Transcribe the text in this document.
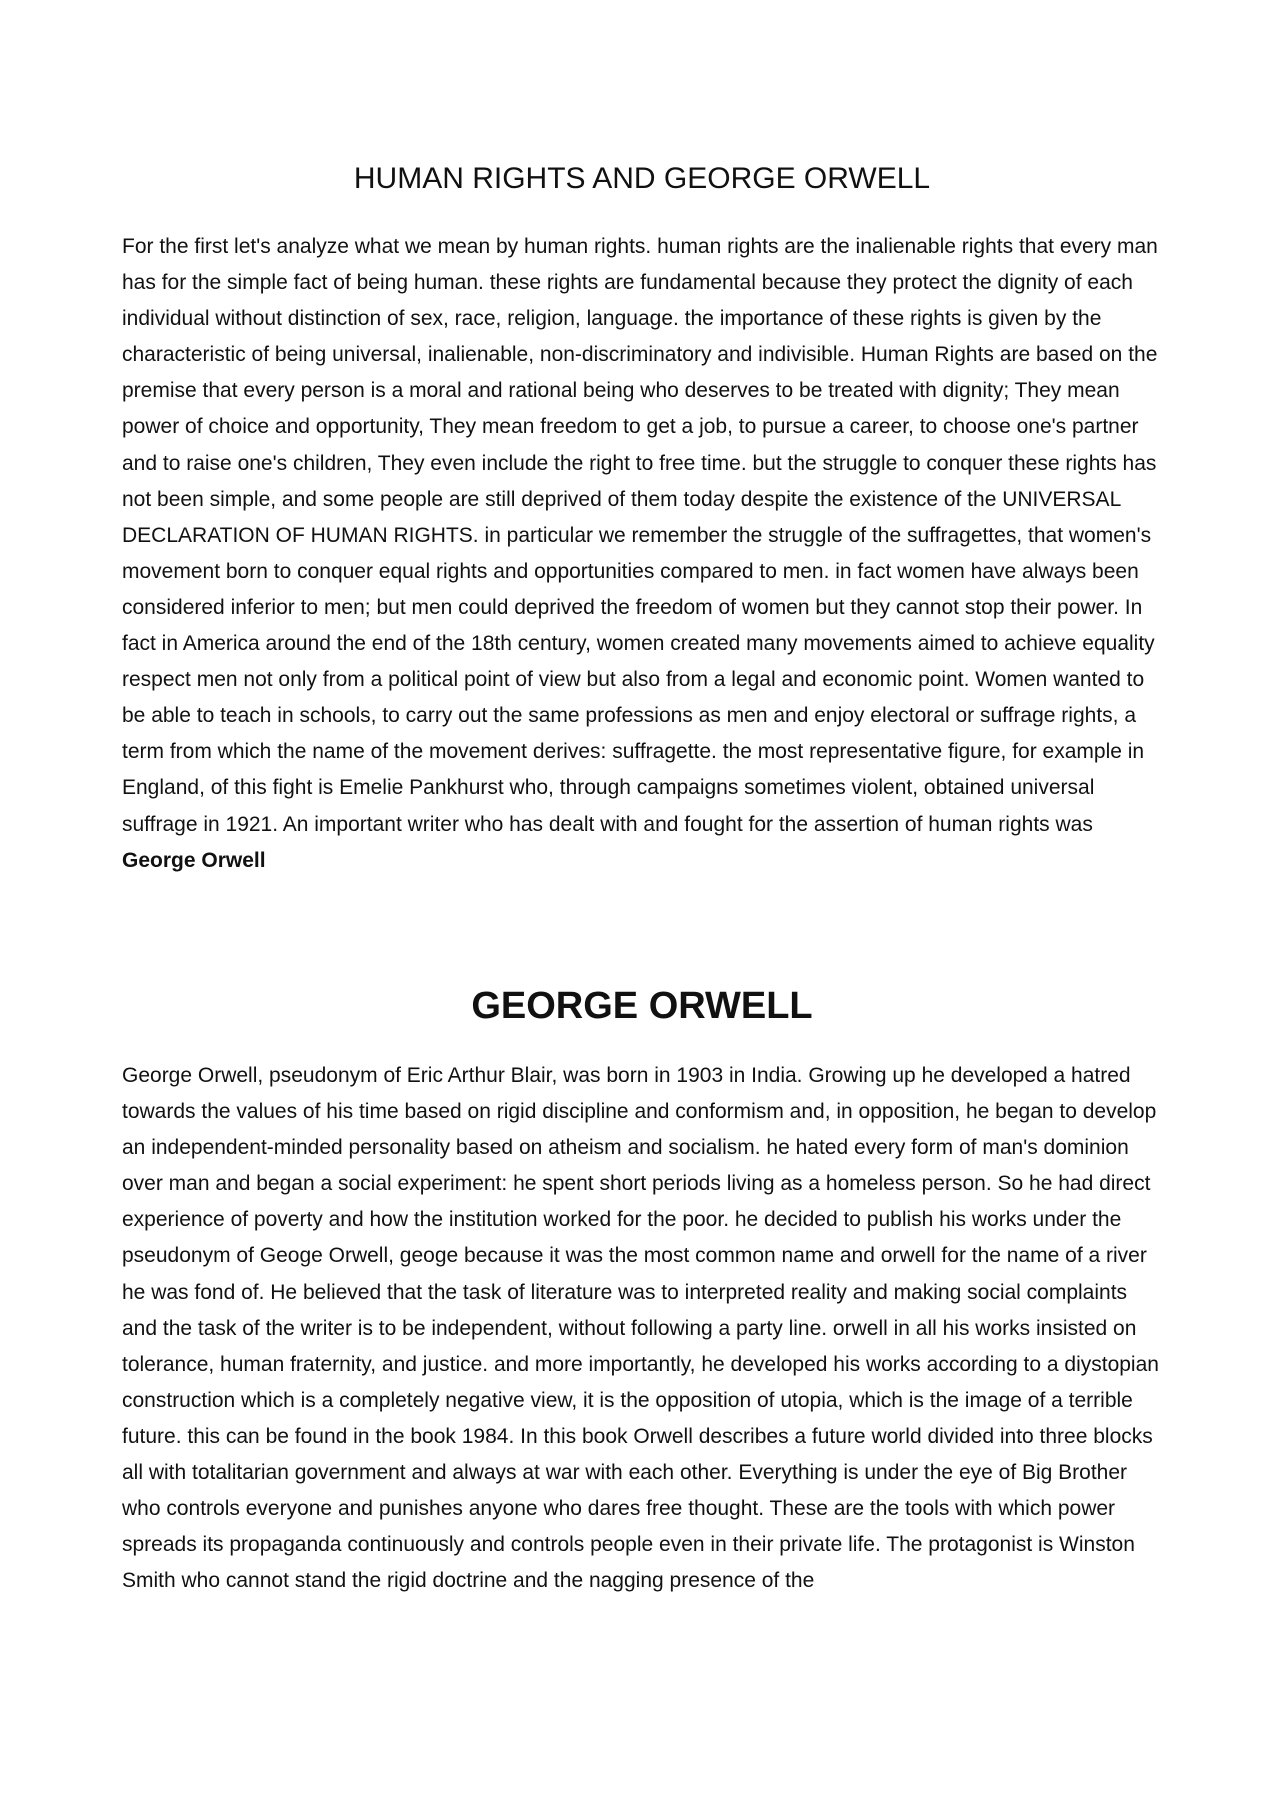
HUMAN RIGHTS AND GEORGE ORWELL

For the first let's analyze what we mean by human rights. human rights are the inalienable rights that every man has for the simple fact of being human. these rights are fundamental because they protect the dignity of each individual without distinction of sex, race, religion, language. the importance of these rights is given by the characteristic of being universal, inalienable, non-discriminatory and indivisible. Human Rights are based on the premise that every person is a moral and rational being who deserves to be treated with dignity; They mean power of choice and opportunity, They mean freedom to get a job, to pursue a career, to choose one's partner and to raise one's children, They even include the right to free time. but the struggle to conquer these rights has not been simple, and some people are still deprived of them today despite the existence of the UNIVERSAL DECLARATION OF HUMAN RIGHTS. in particular we remember the struggle of the suffragettes, that women's movement born to conquer equal rights and opportunities compared to men. in fact women have always been considered inferior to men; but men could deprived the freedom of women but they cannot stop their power. In fact in America around the end of the 18th century, women created many movements aimed to achieve equality respect men not only from a political point of view but also from a legal and economic point. Women wanted to be able to teach in schools, to carry out the same professions as men and enjoy electoral or suffrage rights, a term from which the name of the movement derives: suffragette. the most representative figure, for example in England, of this fight is Emelie Pankhurst who, through campaigns sometimes violent, obtained universal suffrage in 1921. An important writer who has dealt with and fought for the assertion of human rights was George Orwell

GEORGE ORWELL

George Orwell, pseudonym of Eric Arthur Blair, was born in 1903 in India. Growing up he developed a hatred towards the values of his time based on rigid discipline and conformism and, in opposition, he began to develop an independent-minded personality based on atheism and socialism. he hated every form of man's dominion over man and began a social experiment: he spent short periods living as a homeless person. So he had direct experience of poverty and how the institution worked for the poor. he decided to publish his works under the pseudonym of Geoge Orwell, geoge because it was the most common name and orwell for the name of a river he was fond of. He believed that the task of literature was to interpreted reality and making social complaints and the task of the writer is to be independent, without following a party line. orwell in all his works insisted on tolerance, human fraternity, and justice. and more importantly, he developed his works according to a diystopian construction which is a completely negative view, it is the opposition of utopia, which is the image of a terrible future. this can be found in the book 1984. In this book Orwell describes a future world divided into three blocks all with totalitarian government and always at war with each other. Everything is under the eye of Big Brother who controls everyone and punishes anyone who dares free thought. These are the tools with which power spreads its propaganda continuously and controls people even in their private life. The protagonist is Winston Smith who cannot stand the rigid doctrine and the nagging presence of the
